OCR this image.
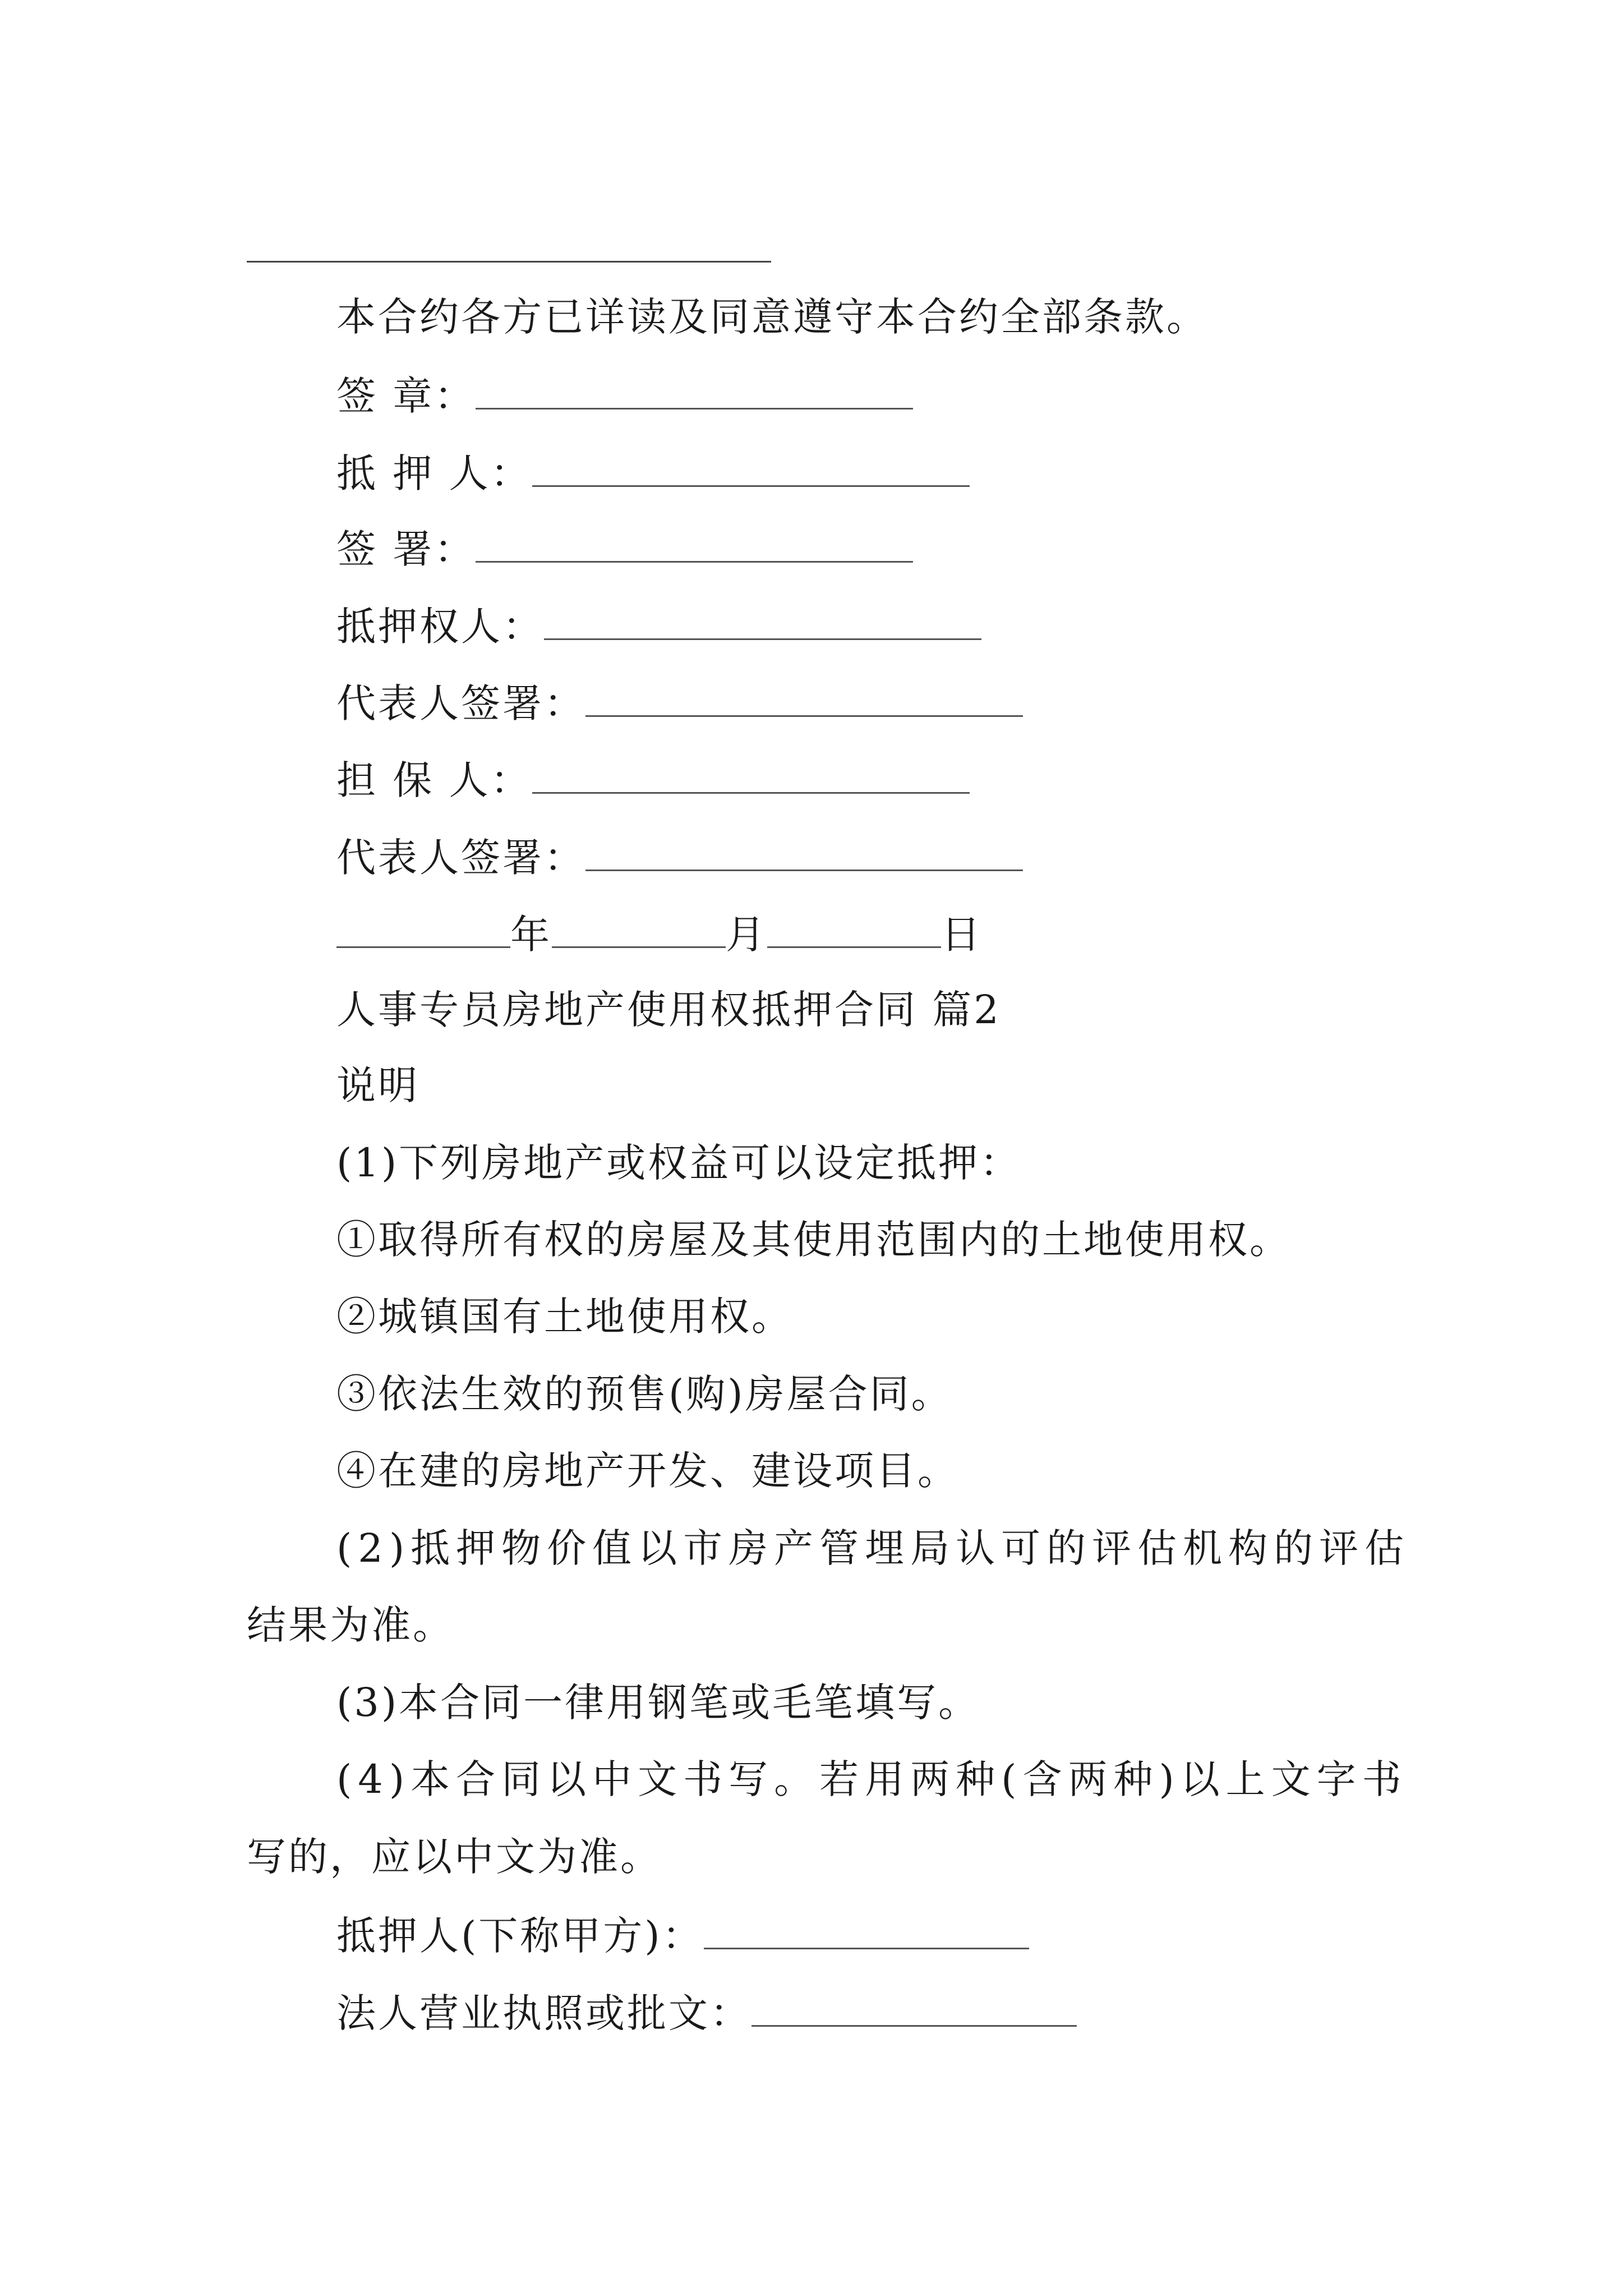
本合约各方已详读及同意遵守本合约全部条款。
签 章：
抵 押 人：
签 署：
抵押权人：
代表人签署：
担 保 人：
代表人签署：
年	月	日
人事专员房地产使用权抵押合同 篇2
说明
(1)下列房地产或权益可以设定抵押：
①取得所有权的房屋及其使用范围内的土地使用权。
②城镇国有土地使用权。
③依法生效的预售(购)房屋合同。
④在建的房地产开发、建设项目。
(2)抵押物价值以市房产管埋局认可的评估机构的评估
结果为准。
(3)本合同一律用钢笔或毛笔填写。
(4)本合同以中文书写。若用两种(含两种)以上文字书
写的，应以中文为准。
抵押人(下称甲方)：
法人营业执照或批文：
